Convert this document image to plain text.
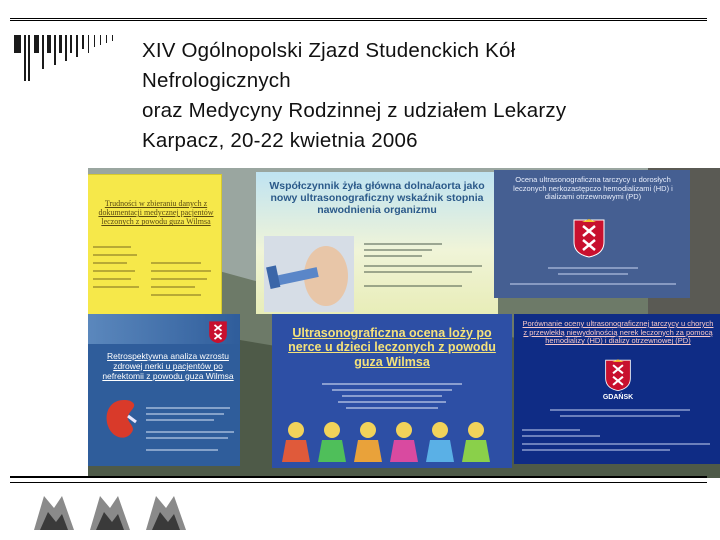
XIV Ogólnopolski Zjazd Studenckich Kół
Nefrologicznych
oraz Medycyny Rodzinnej z udziałem Lekarzy
Karpacz, 20-22 kwietnia 2006
Trudności w zbieraniu danych z dokumentacji medycznej pacjentów leczonych z powodu guza Wilmsa
Współczynnik żyła główna dolna/aorta jako nowy ultrasonograficzny wskaźnik stopnia nawodnienia organizmu
Ocena ultrasonograficzna tarczycy u dorosłych leczonych nerkozastępczo hemodializami (HD) i dializami otrzewnowymi (PD)
Retrospektywna analiza wzrostu zdrowej nerki u pacjentów po nefrektomii z powodu guza Wilmsa
Ultrasonograficzna ocena loży po nerce u dzieci leczonych z powodu guza Wilmsa
Porównanie oceny ultrasonograficznej tarczycy u chorych z przewlekłą niewydolnością nerek leczonych za pomocą hemodializy (HD) i dializy otrzewnowej (PD)
GDAŃSK
